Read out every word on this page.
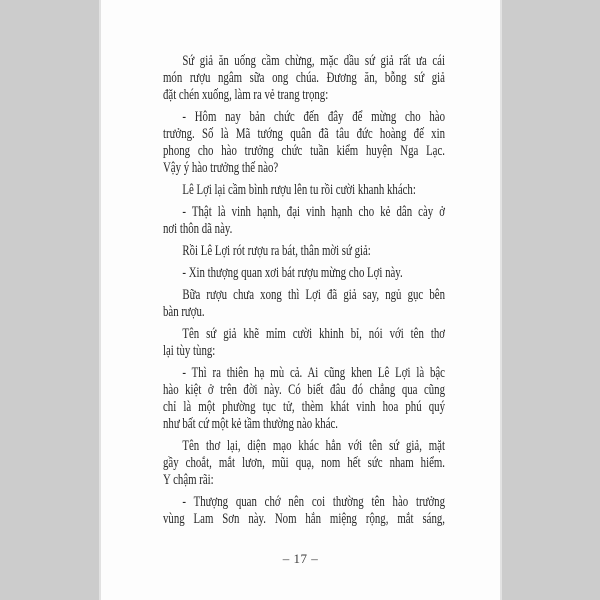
Sứ giả ăn uống cầm chừng, mặc dầu sứ giả rất ưa cái
món rượu ngâm sữa ong chúa. Đương ăn, bỗng sứ giả
đặt chén xuống, làm ra vẻ trang trọng:
- Hôm nay bản chức đến đây để mừng cho hào
trưởng. Số là Mã tướng quân đã tâu đức hoàng đế xin
phong cho hào trưởng chức tuần kiểm huyện Nga Lạc.
Vậy ý hào trưởng thế nào?
Lê Lợi lại cầm bình rượu lên tu rồi cười khanh khách:
- Thật là vinh hạnh, đại vinh hạnh cho kẻ dân cày ở
nơi thôn dã này.
Rồi Lê Lợi rót rượu ra bát, thân mời sứ giả:
- Xin thượng quan xơi bát rượu mừng cho Lợi này.
Bữa rượu chưa xong thì Lợi đã giả say, ngủ gục bên
bàn rượu.
Tên sứ giả khẽ mỉm cười khinh bỉ, nói với tên thơ
lại tùy tùng:
- Thì ra thiên hạ mù cả. Ai cũng khen Lê Lợi là bậc
hào kiệt ở trên đời này. Có biết đâu đó chẳng qua cũng
chỉ là một phường tục tử, thèm khát vinh hoa phú quý
như bất cứ một kẻ tầm thường nào khác.
Tên thơ lại, diện mạo khác hẳn với tên sứ giả, mặt
gầy choắt, mắt lươn, mũi quạ, nom hết sức nham hiểm.
Y chậm rãi:
- Thượng quan chớ nên coi thường tên hào trưởng
vùng Lam Sơn này. Nom hắn miệng rộng, mắt sáng,
– 17 –
